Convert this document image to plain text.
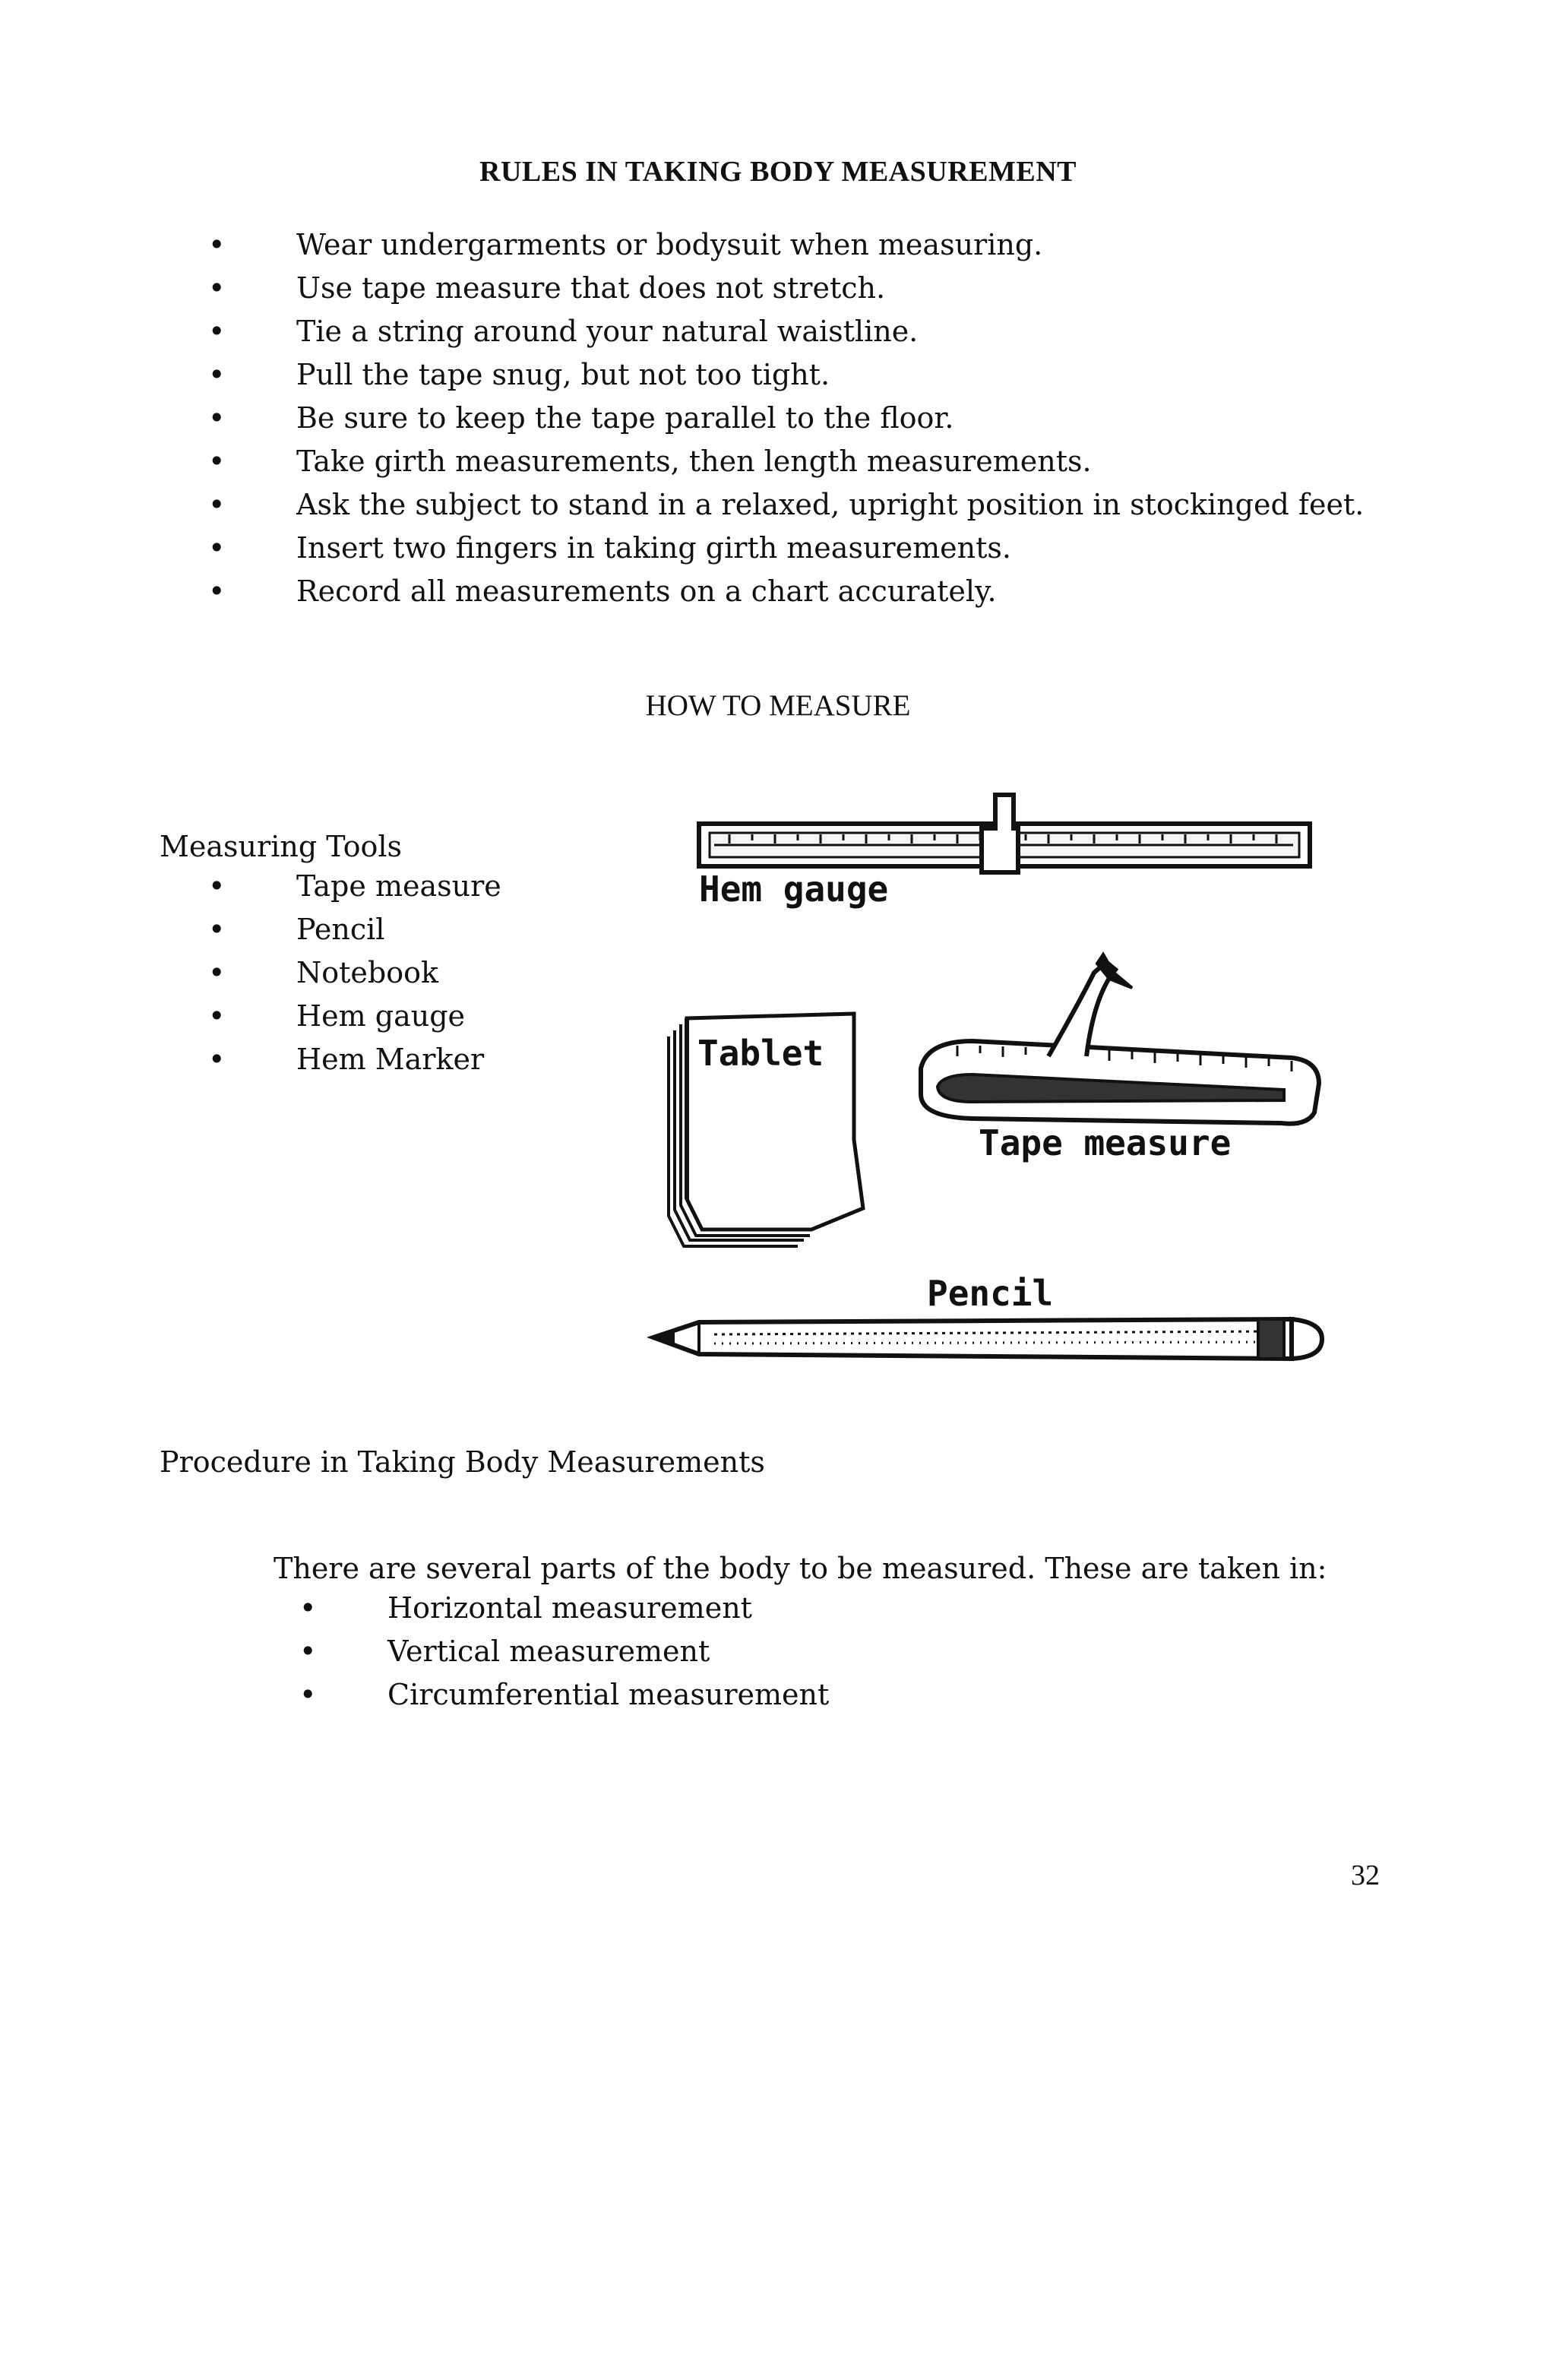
RULES IN TAKING BODY MEASUREMENT
•	Wear undergarments or bodysuit when measuring.
•	Use tape measure that does not stretch.
•	Tie a string around your natural waistline.
•	Pull the tape snug, but not too tight.
•	Be sure to keep the tape parallel to the floor.
•	Take girth measurements, then length measurements.
•	Ask the subject to stand in a relaxed, upright position in stockinged feet.
•	Insert two fingers in taking girth measurements.
•	Record all measurements on a chart accurately.
HOW TO MEASURE
Measuring Tools
•	Tape measure
•	Pencil
•	Notebook
•	Hem gauge
•	Hem Marker
Hem gauge
Tablet
Tape measure
Pencil
Procedure in Taking Body Measurements
There are several parts of the body to be measured. These are taken in:
•	Horizontal measurement
•	Vertical measurement
•	Circumferential measurement
32
